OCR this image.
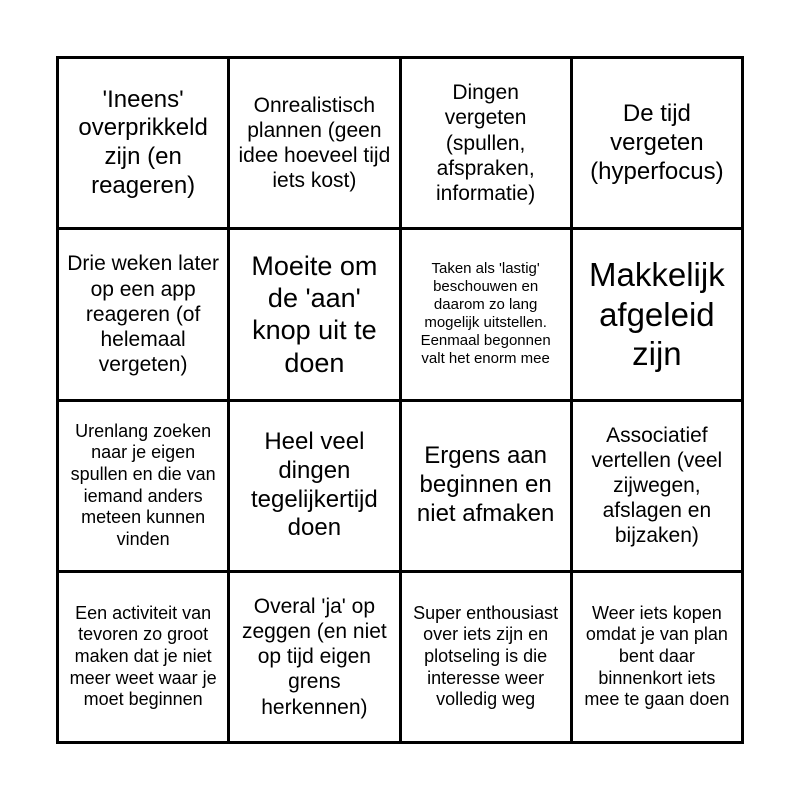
'Ineens' overprikkeld zijn (en reageren)
Onrealistisch plannen (geen idee hoeveel tijd iets kost)
Dingen vergeten (spullen, afspraken, informatie)
De tijd vergeten (hyperfocus)
Drie weken later op een app reageren (of helemaal vergeten)
Moeite om de 'aan' knop uit te doen
Taken als 'lastig' beschouwen en daarom zo lang mogelijk uitstellen. Eenmaal begonnen valt het enorm mee
Makkelijk afgeleid zijn
Urenlang zoeken naar je eigen spullen en die van iemand anders meteen kunnen vinden
Heel veel dingen tegelijkertijd doen
Ergens aan beginnen en niet afmaken
Associatief vertellen (veel zijwegen, afslagen en bijzaken)
Een activiteit van tevoren zo groot maken dat je niet meer weet waar je moet beginnen
Overal 'ja' op zeggen (en niet op tijd eigen grens herkennen)
Super enthousiast over iets zijn en plotseling is die interesse weer volledig weg
Weer iets kopen omdat je van plan bent daar binnenkort iets mee te gaan doen
